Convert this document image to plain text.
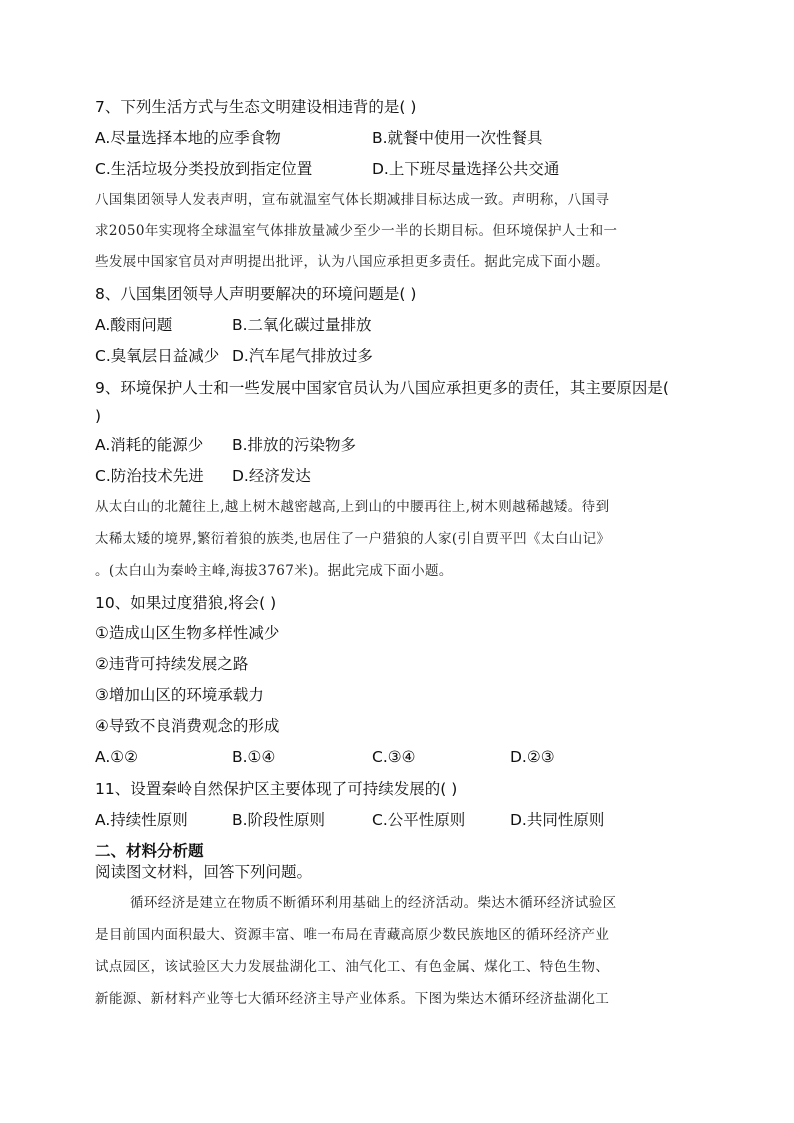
7、下列生活方式与生态文明建设相违背的是( )
A.尽量选择本地的应季食物	B.就餐中使用一次性餐具
C.生活垃圾分类投放到指定位置	D.上下班尽量选择公共交通
八国集团领导人发表声明，宣布就温室气体长期减排目标达成一致。声明称，八国寻
求2050年实现将全球温室气体排放量减少至少一半的长期目标。但环境保护人士和一
些发展中国家官员对声明提出批评，认为八国应承担更多责任。据此完成下面小题。
8、八国集团领导人声明要解决的环境问题是( )
A.酸雨问题	B.二氧化碳过量排放
C.臭氧层日益减少 D.汽车尾气排放过多
9、环境保护人士和一些发展中国家官员认为八国应承担更多的责任，其主要原因是(
)
A.消耗的能源少 B.排放的污染物多
C.防治技术先进 D.经济发达
从太白山的北麓往上,越上树木越密越高,上到山的中腰再往上,树木则越稀越矮。待到
太稀太矮的境界,繁衍着狼的族类,也居住了一户猎狼的人家(引自贾平凹《太白山记》
。(太白山为秦岭主峰,海拔3767米)。据此完成下面小题。
10、如果过度猎狼,将会( )
①造成山区生物多样性减少
②违背可持续发展之路
③增加山区的环境承载力
④导致不良消费观念的形成
A.①②	B.①④	C.③④	D.②③
11、设置秦岭自然保护区主要体现了可持续发展的( )
A.持续性原则	B.阶段性原则	C.公平性原则	D.共同性原则
二、材料分析题
阅读图文材料，回答下列问题。
循环经济是建立在物质不断循环利用基础上的经济活动。柴达木循环经济试验区
是目前国内面积最大、资源丰富、唯一布局在青藏高原少数民族地区的循环经济产业
试点园区，该试验区大力发展盐湖化工、油气化工、有色金属、煤化工、特色生物、
新能源、新材料产业等七大循环经济主导产业体系。下图为柴达木循环经济盐湖化工
